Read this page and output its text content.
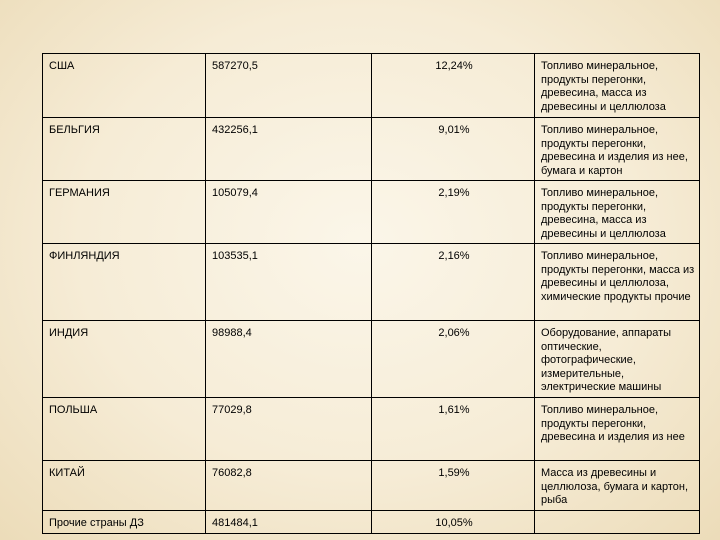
США	587270,5	12,24%	Топливо минеральное, продукты перегонки, древесина, масса из древесины и целлюлоза
БЕЛЬГИЯ	432256,1	9,01%	Топливо минеральное, продукты перегонки, древесина и изделия из нее, бумага и картон
ГЕРМАНИЯ	105079,4	2,19%	Топливо минеральное, продукты перегонки, древесина, масса из древесины и целлюлоза
ФИНЛЯНДИЯ	103535,1	2,16%	Топливо минеральное, продукты перегонки, масса из древесины и целлюлоза, химические продукты прочие
ИНДИЯ	98988,4	2,06%	Оборудование, аппараты оптические, фотографические, измерительные, электрические машины
ПОЛЬША	77029,8	1,61%	Топливо минеральное, продукты перегонки, древесина и изделия из нее
КИТАЙ	76082,8	1,59%	Масса из древесины и целлюлоза, бумага и картон, рыба
Прочие страны ДЗ	481484,1	10,05%	
